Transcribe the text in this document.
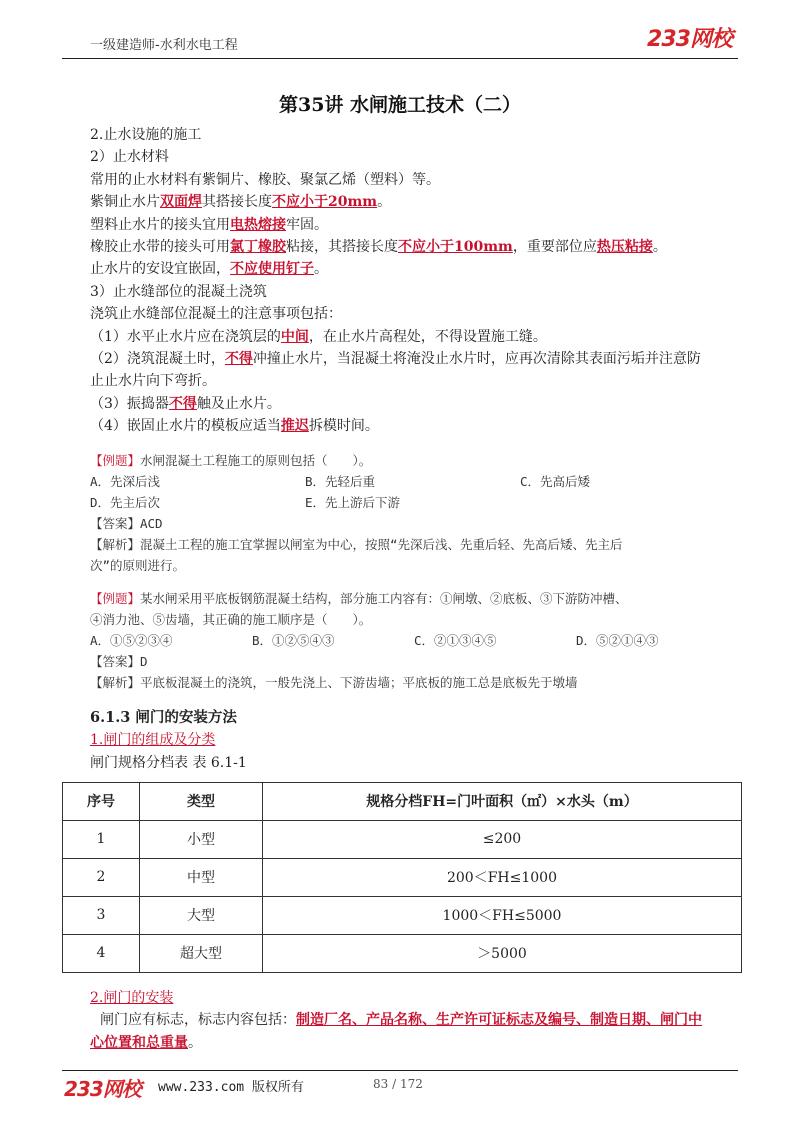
一级建造师-水利水电工程	233网校
第35讲 水闸施工技术（二）
2.止水设施的施工
2）止水材料
常用的止水材料有紫铜片、橡胶、聚氯乙烯（塑料）等。
紫铜止水片双面焊其搭接长度不应小于20mm。
塑料止水片的接头宜用电热熔接牢固。
橡胶止水带的接头可用氯丁橡胶粘接，其搭接长度不应小于100mm，重要部位应热压粘接。
止水片的安设宜嵌固，不应使用钉子。
3）止水缝部位的混凝土浇筑
浇筑止水缝部位混凝土的注意事项包括：
（1）水平止水片应在浇筑层的中间，在止水片高程处，不得设置施工缝。
（2）浇筑混凝土时，不得冲撞止水片，当混凝土将淹没止水片时，应再次清除其表面污垢并注意防
止止水片向下弯折。
（3）振捣器不得触及止水片。
（4）嵌固止水片的模板应适当推迟拆模时间。
【例题】水闸混凝土工程施工的原则包括（　　）。
A．先深后浅	B．先轻后重	C．先高后矮
D．先主后次	E．先上游后下游
【答案】ACD
【解析】混凝土工程的施工宜掌握以闸室为中心，按照“先深后浅、先重后轻、先高后矮、先主后
次”的原则进行。
【例题】某水闸采用平底板钢筋混凝土结构，部分施工内容有：①闸墩、②底板、③下游防冲槽、
④消力池、⑤齿墙，其正确的施工顺序是（　　）。
A．①⑤②③④	B．①②⑤④③	C．②①③④⑤	D．⑤②①④③
【答案】D
【解析】平底板混凝土的浇筑，一般先浇上、下游齿墙；平底板的施工总是底板先于墩墙
6.1.3 闸门的安装方法
1.闸门的组成及分类
闸门规格分档表 表 6.1-1
序号	类型	规格分档FH=门叶面积（㎡）×水头（m）
1	小型	≤200
2	中型	200＜FH≤1000
3	大型	1000＜FH≤5000
4	超大型	＞5000
2.闸门的安装
闸门应有标志，标志内容包括：制造厂名、产品名称、生产许可证标志及编号、制造日期、闸门中
心位置和总重量。
233网校 www.233.com 版权所有	83 / 172
